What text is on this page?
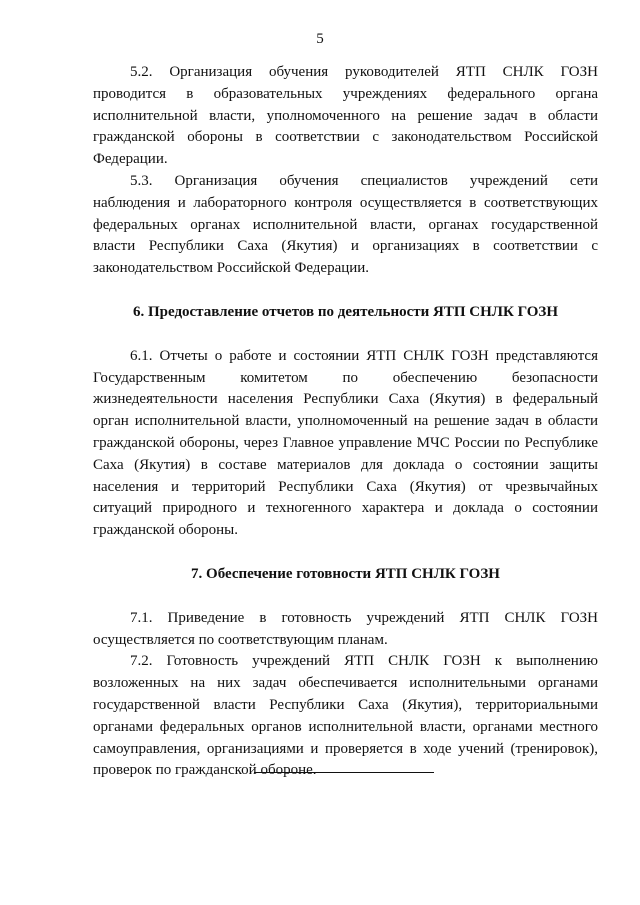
5
5.2. Организация обучения руководителей ЯТП СНЛК ГОЗН
проводится в образовательных учреждениях федерального органа
исполнительной власти, уполномоченного на решение задач в области
гражданской обороны в соответствии с законодательством Российской
Федерации.
5.3. Организация обучения специалистов учреждений сети
наблюдения и лабораторного контроля осуществляется в соответствующих
федеральных органах исполнительной власти, органах государственной
власти Республики Саха (Якутия) и организациях в соответствии с
законодательством Российской Федерации.
6. Предоставление отчетов по деятельности ЯТП СНЛК ГОЗН
6.1. Отчеты о работе и состоянии ЯТП СНЛК ГОЗН представляются
Государственным комитетом по обеспечению безопасности
жизнедеятельности населения Республики Саха (Якутия) в федеральный
орган исполнительной власти, уполномоченный на решение задач в области
гражданской обороны, через Главное управление МЧС России по Республике
Саха (Якутия) в составе материалов для доклада о состоянии защиты
населения и территорий Республики Саха (Якутия) от чрезвычайных
ситуаций природного и техногенного характера и доклада о состоянии
гражданской обороны.
7. Обеспечение готовности ЯТП СНЛК ГОЗН
7.1. Приведение в готовность учреждений ЯТП СНЛК ГОЗН
осуществляется по соответствующим планам.
7.2. Готовность учреждений ЯТП СНЛК ГОЗН к выполнению
возложенных на них задач обеспечивается исполнительными органами
государственной власти Республики Саха (Якутия), территориальными
органами федеральных органов исполнительной власти, органами местного
самоуправления, организациями и проверяется в ходе учений (тренировок),
проверок по гражданской обороне.
